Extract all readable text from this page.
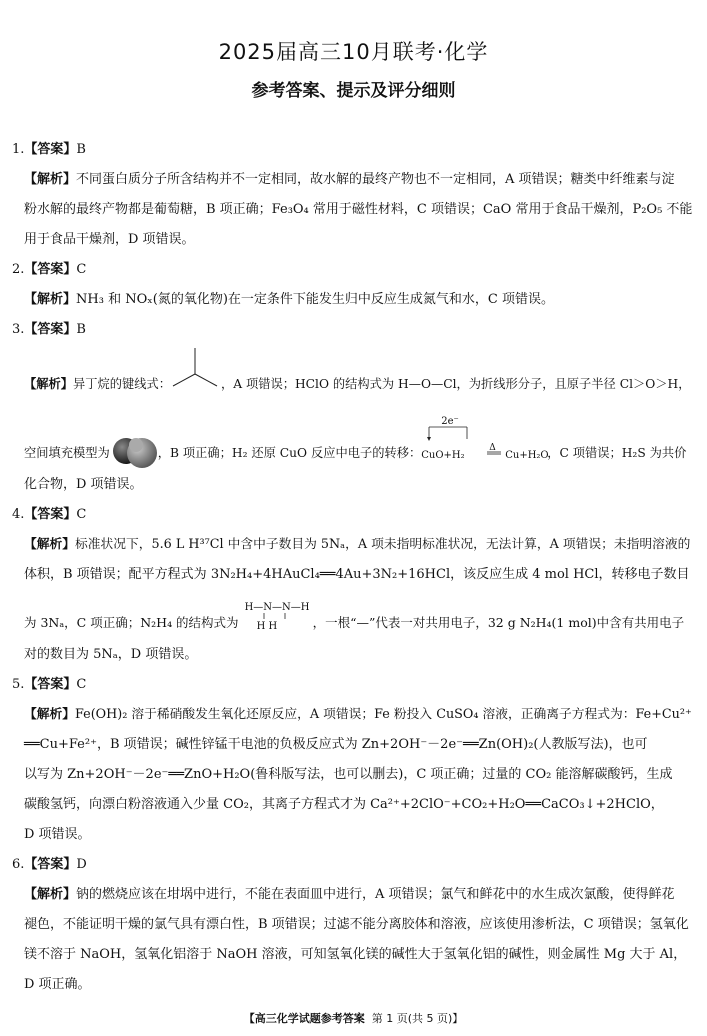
2025届高三10月联考·化学
参考答案、提示及评分细则
1.【答案】B
【解析】不同蛋白质分子所含结构并不一定相同，故水解的最终产物也不一定相同，A 项错误；糖类中纤维素与淀
粉水解的最终产物都是葡萄糖，B 项正确；Fe₃O₄ 常用于磁性材料，C 项错误；CaO 常用于食品干燥剂，P₂O₅ 不能
用于食品干燥剂，D 项错误。
2.【答案】C
【解析】NH₃ 和 NOₓ(氮的氧化物)在一定条件下能发生归中反应生成氮气和水，C 项错误。
3.【答案】B
【解析】异丁烷的键线式：	，A 项错误；HClO 的结构式为 H—O—Cl，为折线形分子，且原子半径 Cl＞O＞H，
空间填充模型为	，B 项正确；H₂ 还原 CuO 反应中电子的转移：
2e⁻
CuO+H₂
Δ
Cu+H₂O
，C 项错误；H₂S 为共价
化合物，D 项错误。
4.【答案】C
【解析】标准状况下，5.6 L H³⁷Cl 中含中子数目为 5Nₐ，A 项未指明标准状况，无法计算，A 项错误；未指明溶液的
体积，B 项错误；配平方程式为 3N₂H₄+4HAuCl₄══4Au+3N₂+16HCl，该反应生成 4 mol HCl，转移电子数目
为 3Nₐ，C 项正确；N₂H₄ 的结构式为
H—N—N—H
H H	，一根“—”代表一对共用电子，32 g N₂H₄(1 mol)中含有共用电子
对的数目为 5Nₐ，D 项错误。
5.【答案】C
【解析】Fe(OH)₂ 溶于稀硝酸发生氧化还原反应，A 项错误；Fe 粉投入 CuSO₄ 溶液，正确离子方程式为：Fe+Cu²⁺
══Cu+Fe²⁺，B 项错误；碱性锌锰干电池的负极反应式为 Zn+2OH⁻－2e⁻══Zn(OH)₂(人教版写法)，也可
以写为 Zn+2OH⁻－2e⁻══ZnO+H₂O(鲁科版写法，也可以删去)，C 项正确；过量的 CO₂ 能溶解碳酸钙，生成
碳酸氢钙，向漂白粉溶液通入少量 CO₂，其离子方程式才为 Ca²⁺+2ClO⁻+CO₂+H₂O══CaCO₃↓+2HClO，
D 项错误。
6.【答案】D
【解析】钠的燃烧应该在坩埚中进行，不能在表面皿中进行，A 项错误；氯气和鲜花中的水生成次氯酸，使得鲜花
褪色，不能证明干燥的氯气具有漂白性，B 项错误；过滤不能分离胶体和溶液，应该使用渗析法，C 项错误；氢氧化
镁不溶于 NaOH，氢氧化铝溶于 NaOH 溶液，可知氢氧化镁的碱性大于氢氧化铝的碱性，则金属性 Mg 大于 Al，
D 项正确。
【高三化学试题参考答案 第 1 页(共 5 页)】
